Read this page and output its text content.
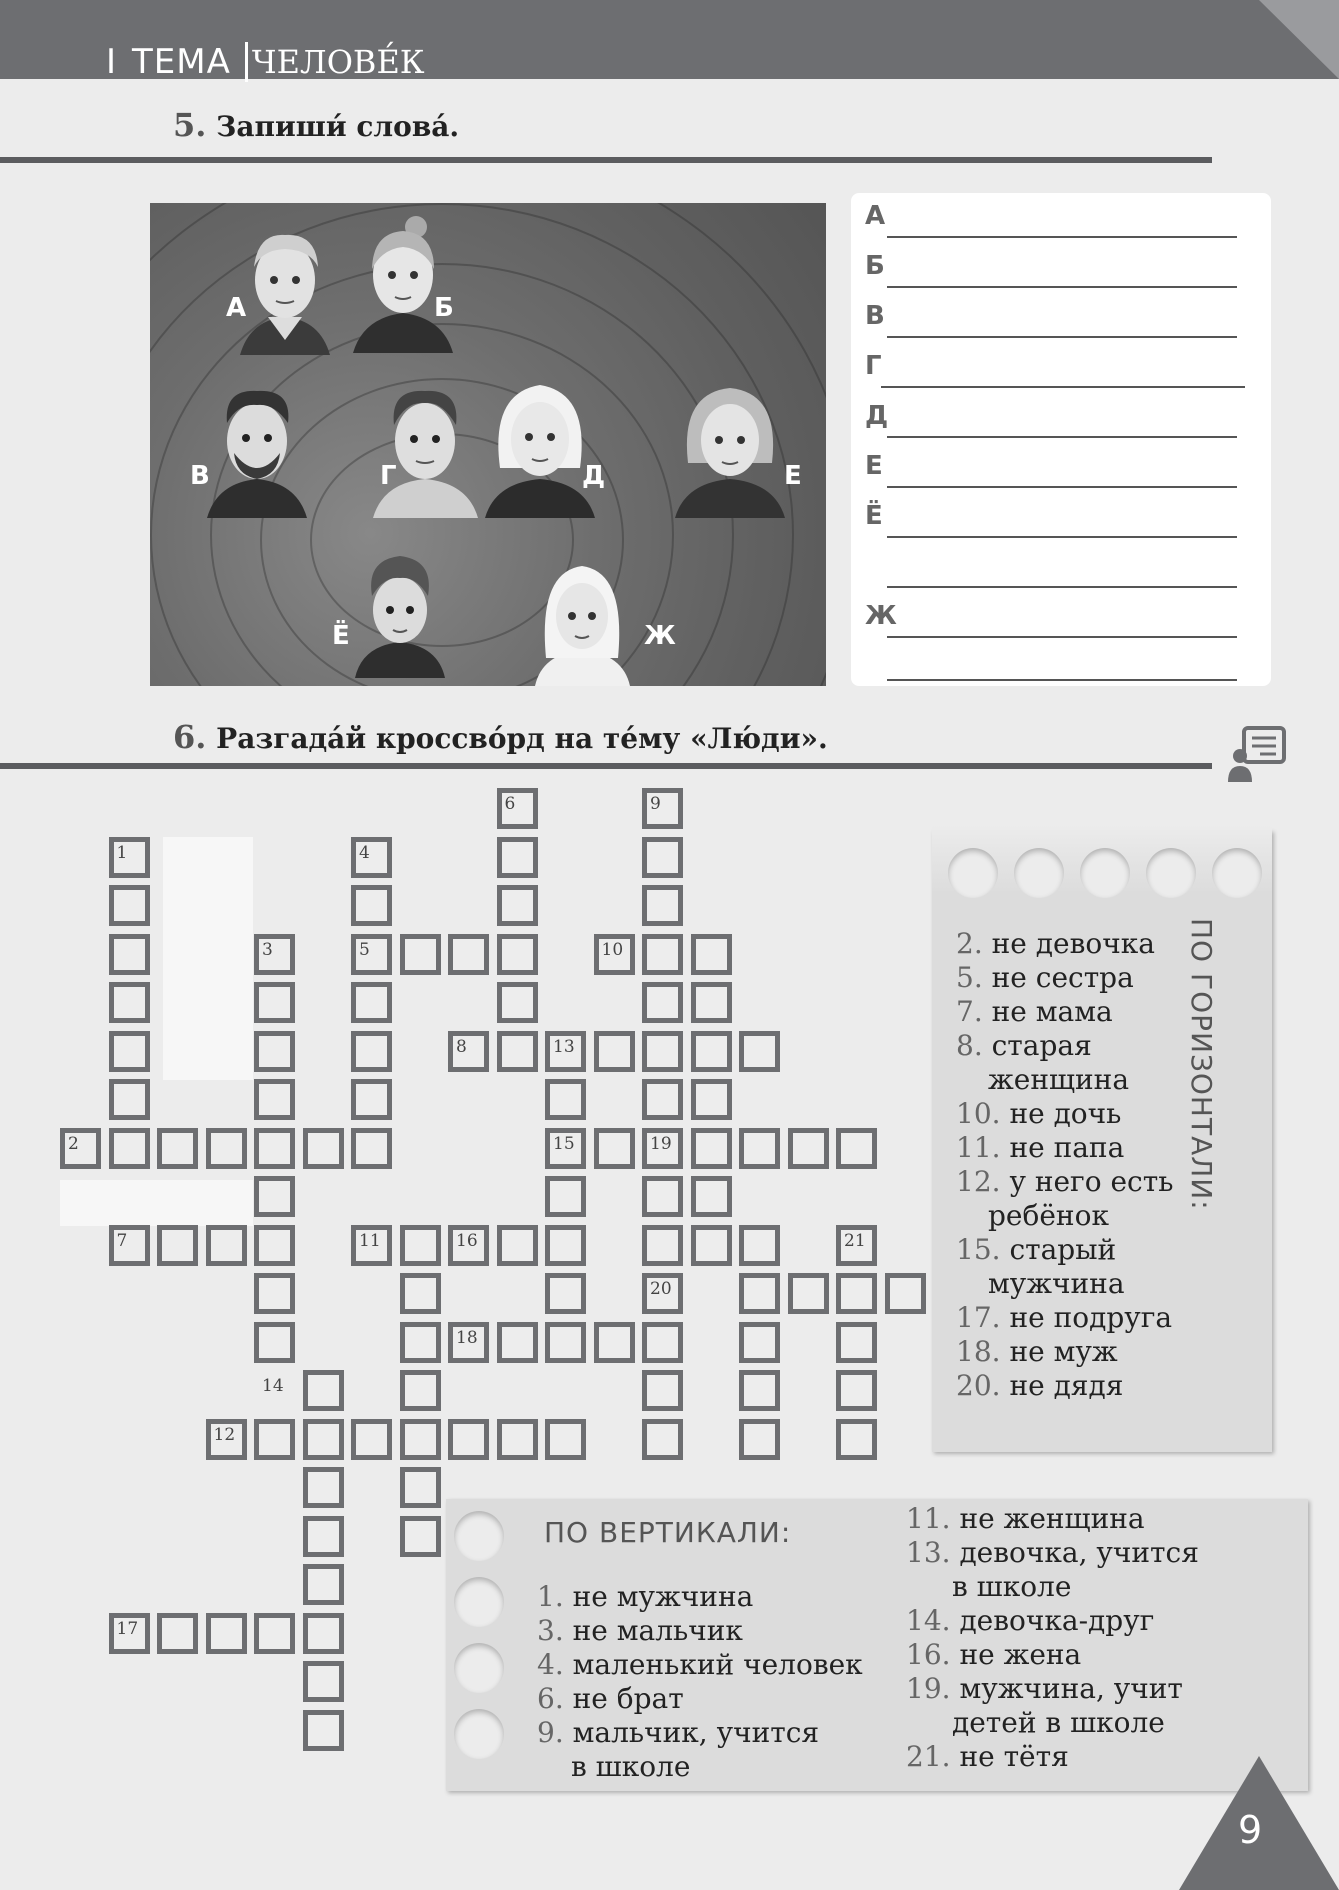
I ТЕМА ЧЕЛОВЕ́К
5. Запиши́ слова́.
А	Б
В	Г	Д	Е
Ё	Ж
А
Б
В
Г
Д
Е
Ё
Ж
6. Разгада́й кроссво́рд на те́му «Лю́ди».
1
2
3
4
5
6
7
8
9
10
11
12
13
14
15
16
17
18
19
20
21
ПО ГОРИЗОНТАЛИ:
2. не девочка
5. не сестра
7. не мама
8. старая
женщина
10. не дочь
11. не папа
12. у него есть
ребёнок
15. старый
мужчина
17. не подруга
18. не муж
20. не дядя
ПО ВЕРТИКАЛИ:
1. не мужчина
3. не мальчик
4. маленький человек
6. не брат
9. мальчик, учится
в школе
11. не женщина
13. девочка, учится
в школе
14. девочка-друг
16. не жена
19. мужчина, учит
детей в школе
21. не тётя
9
